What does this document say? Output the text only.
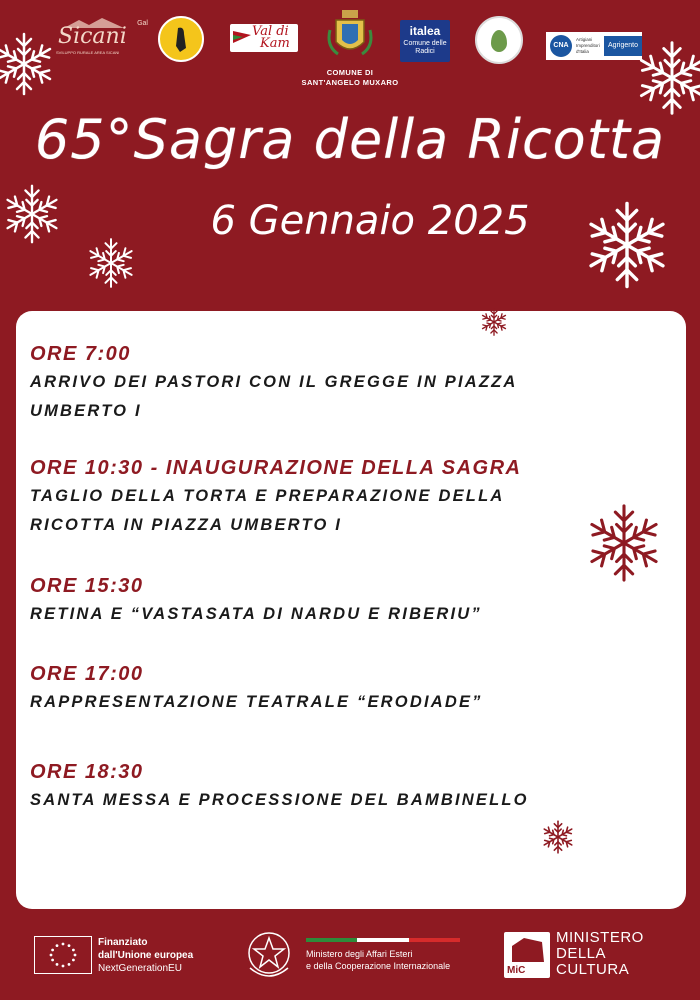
Sicani
Gal
SVILUPPO RURALE AREA SICANI
Val di
Kam
COMUNE DI
SANT'ANGELO MUXARO
italea
Comune delle Radici
CNA
Artigiani Imprenditori d'Italia
Agrigento
65°Sagra della Ricotta
6 Gennaio 2025
ORE 7:00
ARRIVO DEI PASTORI CON IL GREGGE IN PIAZZA
UMBERTO I
ORE 10:30 - INAUGURAZIONE DELLA SAGRA
TAGLIO DELLA TORTA E PREPARAZIONE DELLA
RICOTTA IN PIAZZA UMBERTO I
ORE 15:30
RETINA E “VASTASATA DI NARDU E RIBERIU”
ORE 17:00
RAPPRESENTAZIONE TEATRALE “ERODIADE”
ORE 18:30
SANTA MESSA E PROCESSIONE DEL BAMBINELLO
Finanziato
dall'Unione europea
NextGenerationEU
Ministero degli Affari Esteri
e della Cooperazione Internazionale	MiC
MINISTERO
DELLA
CULTURA
